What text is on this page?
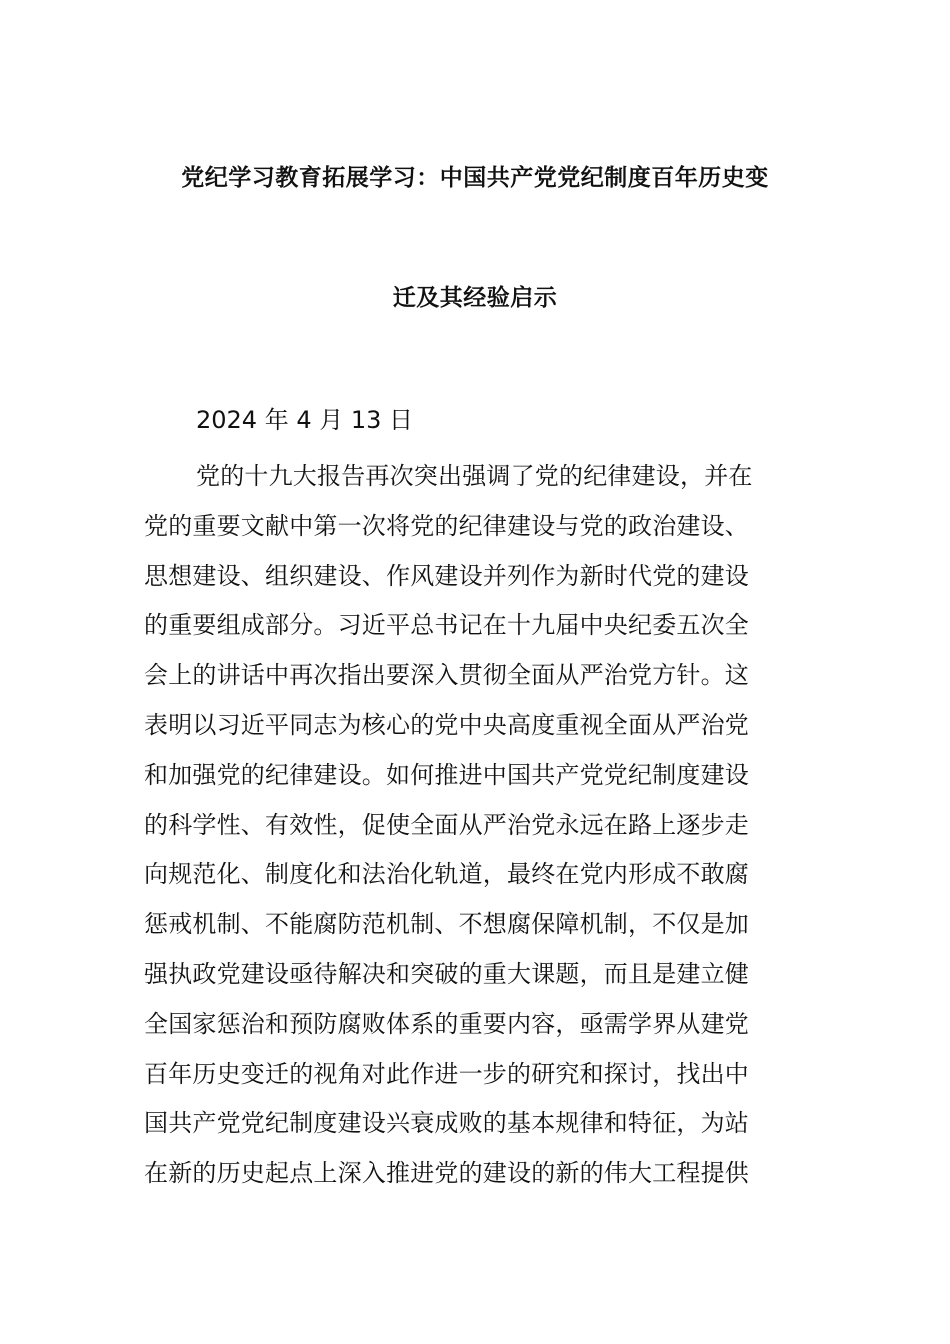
党纪学习教育拓展学习：中国共产党党纪制度百年历史变
迁及其经验启示
2024 年 4 月 13 日

党的十九大报告再次突出强调了党的纪律建设，并在
党的重要文献中第一次将党的纪律建设与党的政治建设、
思想建设、组织建设、作风建设并列作为新时代党的建设
的重要组成部分。习近平总书记在十九届中央纪委五次全
会上的讲话中再次指出要深入贯彻全面从严治党方针。这
表明以习近平同志为核心的党中央高度重视全面从严治党
和加强党的纪律建设。如何推进中国共产党党纪制度建设
的科学性、有效性，促使全面从严治党永远在路上逐步走
向规范化、制度化和法治化轨道，最终在党内形成不敢腐
惩戒机制、不能腐防范机制、不想腐保障机制，不仅是加
强执政党建设亟待解决和突破的重大课题，而且是建立健
全国家惩治和预防腐败体系的重要内容，亟需学界从建党
百年历史变迁的视角对此作进一步的研究和探讨，找出中
国共产党党纪制度建设兴衰成败的基本规律和特征，为站
在新的历史起点上深入推进党的建设的新的伟大工程提供
